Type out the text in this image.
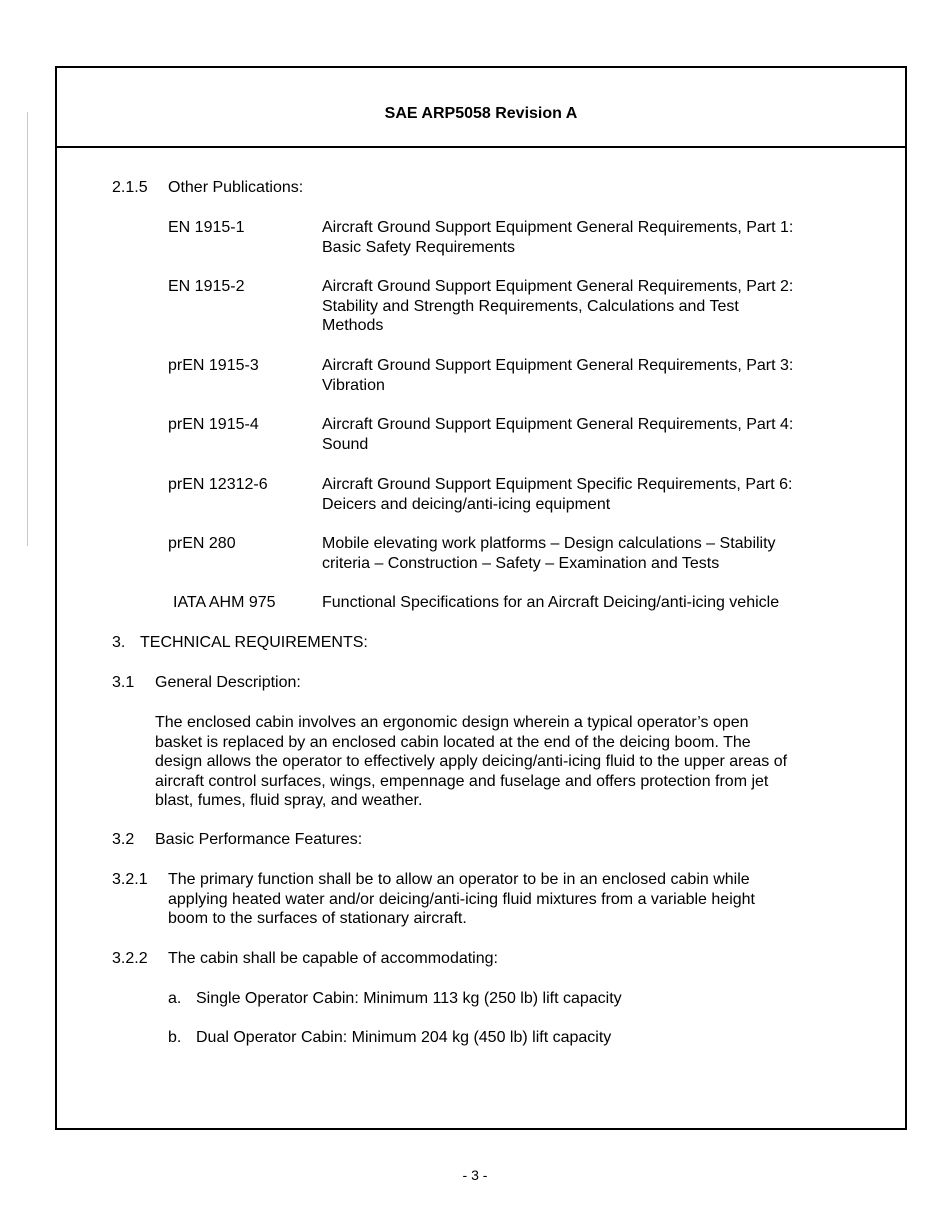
SAE ARP5058 Revision A
2.1.5 Other Publications:
EN 1915-1	Aircraft Ground Support Equipment General Requirements, Part 1:
Basic Safety Requirements
EN 1915-2	Aircraft Ground Support Equipment General Requirements, Part 2:
Stability and Strength Requirements, Calculations and Test
Methods
prEN 1915-3	Aircraft Ground Support Equipment General Requirements, Part 3:
Vibration
prEN 1915-4	Aircraft Ground Support Equipment General Requirements, Part 4:
Sound
prEN 12312-6	Aircraft Ground Support Equipment Specific Requirements, Part 6:
Deicers and deicing/anti-icing equipment
prEN 280	Mobile elevating work platforms – Design calculations – Stability
criteria – Construction – Safety – Examination and Tests
IATA AHM 975	Functional Specifications for an Aircraft Deicing/anti-icing vehicle
3. TECHNICAL REQUIREMENTS:
3.1 General Description:
The enclosed cabin involves an ergonomic design wherein a typical operator’s open
basket is replaced by an enclosed cabin located at the end of the deicing boom. The
design allows the operator to effectively apply deicing/anti-icing fluid to the upper areas of
aircraft control surfaces, wings, empennage and fuselage and offers protection from jet
blast, fumes, fluid spray, and weather.
3.2 Basic Performance Features:
3.2.1 The primary function shall be to allow an operator to be in an enclosed cabin while
applying heated water and/or deicing/anti-icing fluid mixtures from a variable height
boom to the surfaces of stationary aircraft.
3.2.2 The cabin shall be capable of accommodating:
a. Single Operator Cabin: Minimum 113 kg (250 lb) lift capacity
b. Dual Operator Cabin: Minimum 204 kg (450 lb) lift capacity
- 3 -
